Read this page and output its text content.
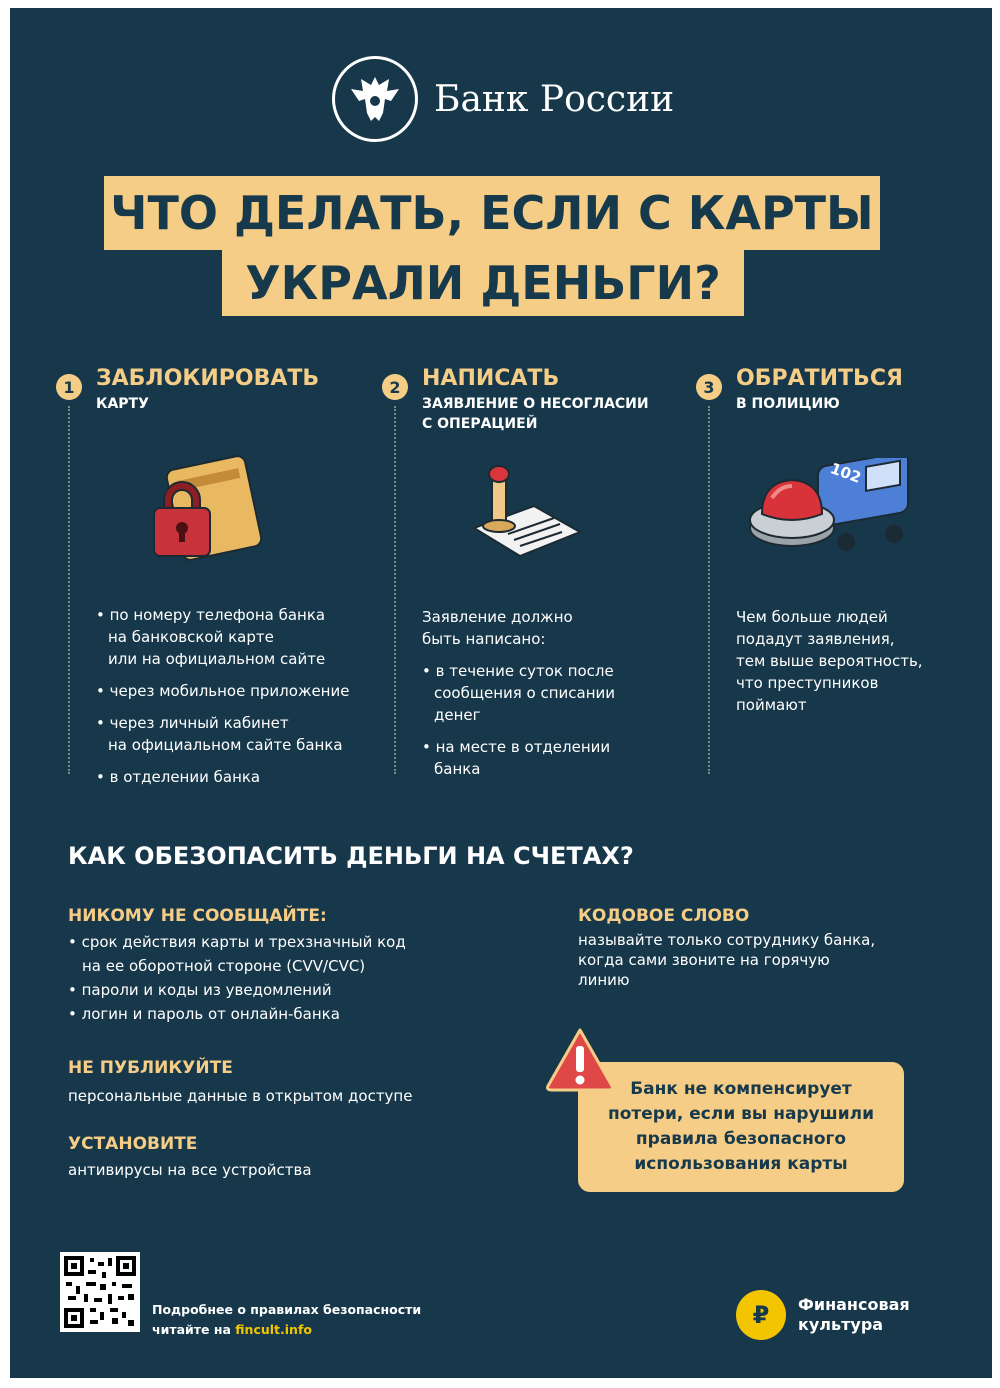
Банк России
ЧТО ДЕЛАТЬ, ЕСЛИ С КАРТЫ
УКРАЛИ ДЕНЬГИ?
1 ЗАБЛОКИРОВАТЬ

КАРТУ

• по номеру телефона банка

на банковской карте

или на официальном сайте

• через мобильное приложение

• через личный кабинет

на официальном сайте банка

• в отделении банка

2 НАПИСАТЬ

ЗАЯВЛЕНИЕ О НЕСОГЛАСИИ

С ОПЕРАЦИЕЙ

Заявление должно

быть написано:

• в течение суток после

сообщения о списании

денег

• на месте в отделении

банка

3 ОБРАТИТЬСЯ

В ПОЛИЦИЮ

102

Чем больше людей

подадут заявления,

тем выше вероятность,

что преступников

поймают

КАК ОБЕЗОПАСИТЬ ДЕНЬГИ НА СЧЕТАХ?
НИКОМУ НЕ СООБЩАЙТЕ:

• срок действия карты и трехзначный код

на ее оборотной стороне (CVV/CVC)

• пароли и коды из уведомлений

• логин и пароль от онлайн-банка

НЕ ПУБЛИКУЙТЕ
персональные данные в открытом доступе
УСТАНОВИТЕ
антивирусы на все устройства
КОДОВОЕ СЛОВО

называйте только сотруднику банка,

когда сами звоните на горячую

линию

Банк не компенсирует

потери, если вы нарушили

правила безопасного

использования карты

Подробнее о правилах безопасности

читайте на fincult.info

₽	Финансовая

культура
